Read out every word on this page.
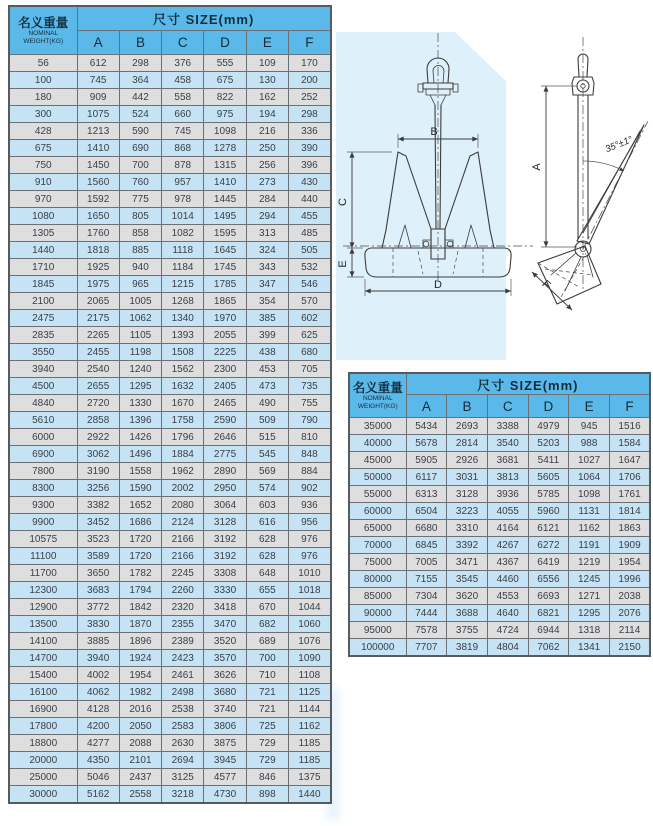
名义重量
NOMINAL
WEIGHT(KG)	尺寸 SIZE(mm)					
	A	B	C	D	E	F
56	612	298	376	555	109	170
100	745	364	458	675	130	200
180	909	442	558	822	162	252
300	1075	524	660	975	194	298
428	1213	590	745	1098	216	336
675	1410	690	868	1278	250	390
750	1450	700	878	1315	256	396
910	1560	760	957	1410	273	430
970	1592	775	978	1445	284	440
1080	1650	805	1014	1495	294	455
1305	1760	858	1082	1595	313	485
1440	1818	885	1118	1645	324	505
1710	1925	940	1184	1745	343	532
1845	1975	965	1215	1785	347	546
2100	2065	1005	1268	1865	354	570
2475	2175	1062	1340	1970	385	602
2835	2265	1105	1393	2055	399	625
3550	2455	1198	1508	2225	438	680
3940	2540	1240	1562	2300	453	705
4500	2655	1295	1632	2405	473	735
4840	2720	1330	1670	2465	490	755
5610	2858	1396	1758	2590	509	790
6000	2922	1426	1796	2646	515	810
6900	3062	1496	1884	2775	545	848
7800	3190	1558	1962	2890	569	884
8300	3256	1590	2002	2950	574	902
9300	3382	1652	2080	3064	603	936
9900	3452	1686	2124	3128	616	956
10575	3523	1720	2166	3192	628	976
11100	3589	1720	2166	3192	628	976
11700	3650	1782	2245	3308	648	1010
12300	3683	1794	2260	3330	655	1018
12900	3772	1842	2320	3418	670	1044
13500	3830	1870	2355	3470	682	1060
14100	3885	1896	2389	3520	689	1076
14700	3940	1924	2423	3570	700	1090
15400	4002	1954	2461	3626	710	1108
16100	4062	1982	2498	3680	721	1125
16900	4128	2016	2538	3740	721	1144
17800	4200	2050	2583	3806	725	1162
18800	4277	2088	2630	3875	729	1185
20000	4350	2101	2694	3945	729	1185
25000	5046	2437	3125	4577	846	1375
30000	5162	2558	3218	4730	898	1440
名义重量
NOMINAL
WEIGHT(KG)	尺寸 SIZE(mm)					
	A	B	C	D	E	F
35000	5434	2693	3388	4979	945	1516
40000	5678	2814	3540	5203	988	1584
45000	5905	2926	3681	5411	1027	1647
50000	6117	3031	3813	5605	1064	1706
55000	6313	3128	3936	5785	1098	1761
60000	6504	3223	4055	5960	1131	1814
65000	6680	3310	4164	6121	1162	1863
70000	6845	3392	4267	6272	1191	1909
75000	7005	3471	4367	6419	1219	1954
80000	7155	3545	4460	6556	1245	1996
85000	7304	3620	4553	6693	1271	2038
90000	7444	3688	4640	6821	1295	2076
95000	7578	3755	4724	6944	1318	2114
100000	7707	3819	4804	7062	1341	2150
B
C
E
D
A
35°±1°
F
